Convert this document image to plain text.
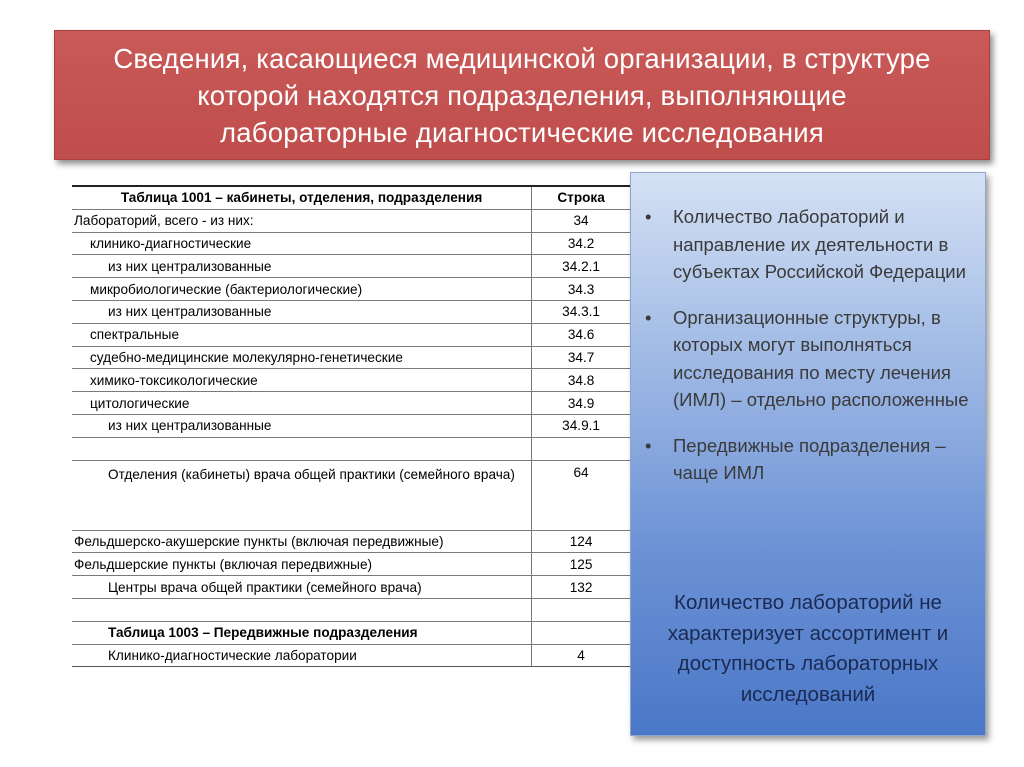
Сведения, касающиеся медицинской организации, в структуре
которой находятся подразделения, выполняющие
лабораторные диагностические исследования
Таблица 1001 – кабинеты, отделения, подразделения	Строка
Лабораторий, всего - из них:	34
клинико-диагностические	34.2
из них централизованные	34.2.1
микробиологические (бактериологические)	34.3
из них централизованные	34.3.1
спектральные	34.6
судебно-медицинские молекулярно-генетические	34.7
химико-токсикологические	34.8
цитологические	34.9
из них централизованные	34.9.1

Отделения (кабинеты) врача общей практики (семейного врача)	64
Фельдшерско-акушерские пункты (включая передвижные)	124
Фельдшерские пункты (включая передвижные)	125
Центры врача общей практики (семейного врача)	132

Таблица 1003 – Передвижные подразделения	
Клинико-диагностические лаборатории	4
• Количество лабораторий и направление их деятельности в субъектах Российской Федерации
• Организационные структуры, в которых могут выполняться исследования по месту лечения (ИМЛ) – отдельно расположенные
• Передвижные подразделения – чаще ИМЛ
Количество лабораторий не характеризует ассортимент и доступность лабораторных исследований
